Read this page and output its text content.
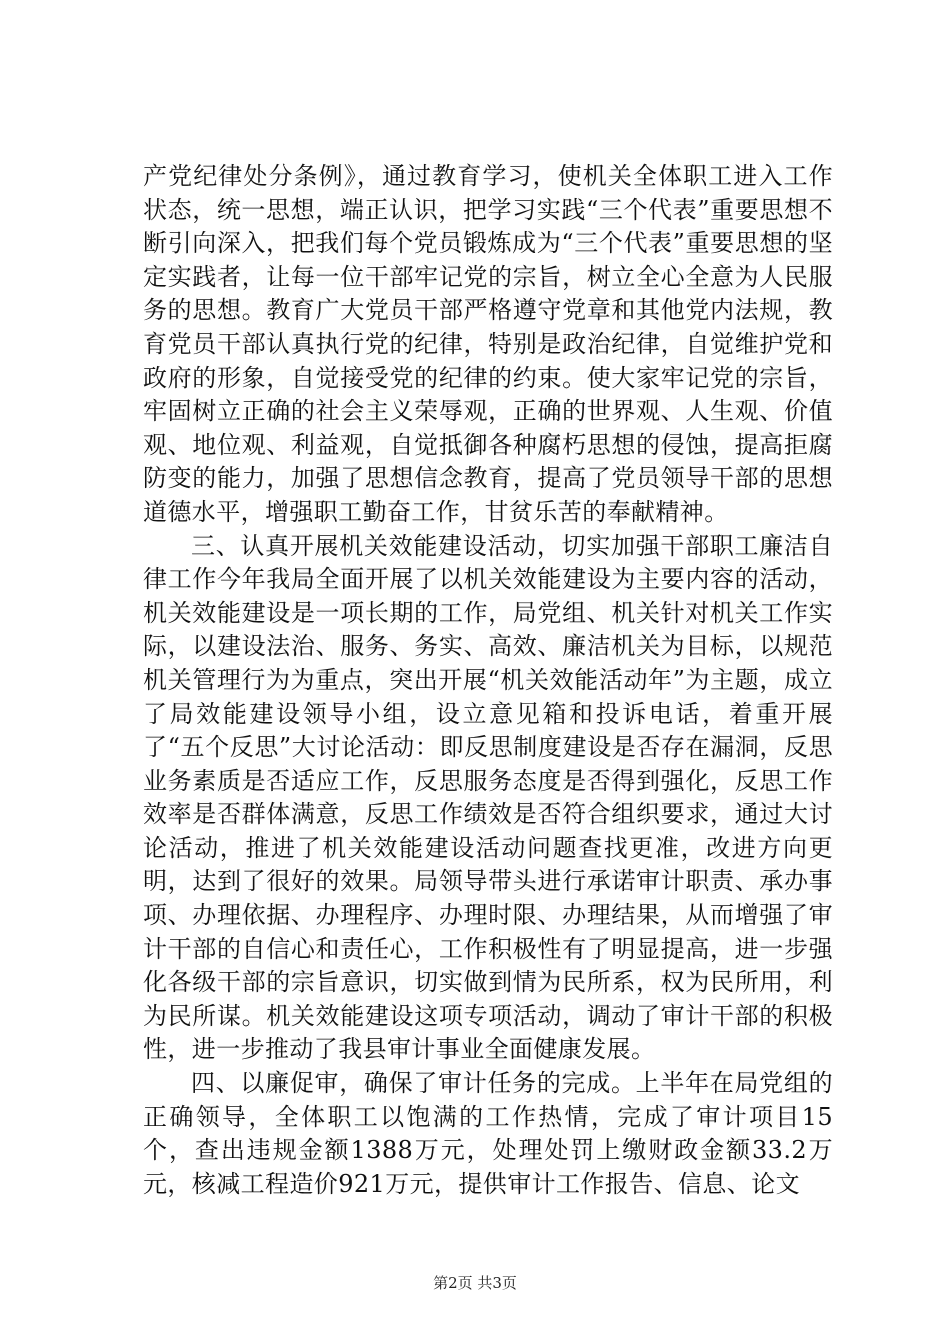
产党纪律处分条例》，通过教育学习，使机关全体职工进入工作状态，统一思想，端正认识，把学习实践“三个代表”重要思想不断引向深入，把我们每个党员锻炼成为“三个代表”重要思想的坚定实践者，让每一位干部牢记党的宗旨，树立全心全意为人民服务的思想。教育广大党员干部严格遵守党章和其他党内法规，教育党员干部认真执行党的纪律，特别是政治纪律，自觉维护党和政府的形象，自觉接受党的纪律的约束。使大家牢记党的宗旨，牢固树立正确的社会主义荣辱观，正确的世界观、人生观、价值观、地位观、利益观，自觉抵御各种腐朽思想的侵蚀，提高拒腐防变的能力，加强了思想信念教育，提高了党员领导干部的思想道德水平，增强职工勤奋工作，甘贫乐苦的奉献精神。

三、认真开展机关效能建设活动，切实加强干部职工廉洁自律工作今年我局全面开展了以机关效能建设为主要内容的活动，机关效能建设是一项长期的工作，局党组、机关针对机关工作实际，以建设法治、服务、务实、高效、廉洁机关为目标，以规范机关管理行为为重点，突出开展“机关效能活动年”为主题，成立了局效能建设领导小组，设立意见箱和投诉电话，着重开展了“五个反思”大讨论活动：即反思制度建设是否存在漏洞，反思业务素质是否适应工作，反思服务态度是否得到强化，反思工作效率是否群体满意，反思工作绩效是否符合组织要求，通过大讨论活动，推进了机关效能建设活动问题查找更准，改进方向更明，达到了很好的效果。局领导带头进行承诺审计职责、承办事项、办理依据、办理程序、办理时限、办理结果，从而增强了审计干部的自信心和责任心，工作积极性有了明显提高，进一步强化各级干部的宗旨意识，切实做到情为民所系，权为民所用，利为民所谋。机关效能建设这项专项活动，调动了审计干部的积极性，进一步推动了我县审计事业全面健康发展。

四、以廉促审，确保了审计任务的完成。上半年在局党组的正确领导，全体职工以饱满的工作热情，完成了审计项目15个，查出违规金额1388万元，处理处罚上缴财政金额33.2万元，核减工程造价921万元，提供审计工作报告、信息、论文

第2页 共3页
